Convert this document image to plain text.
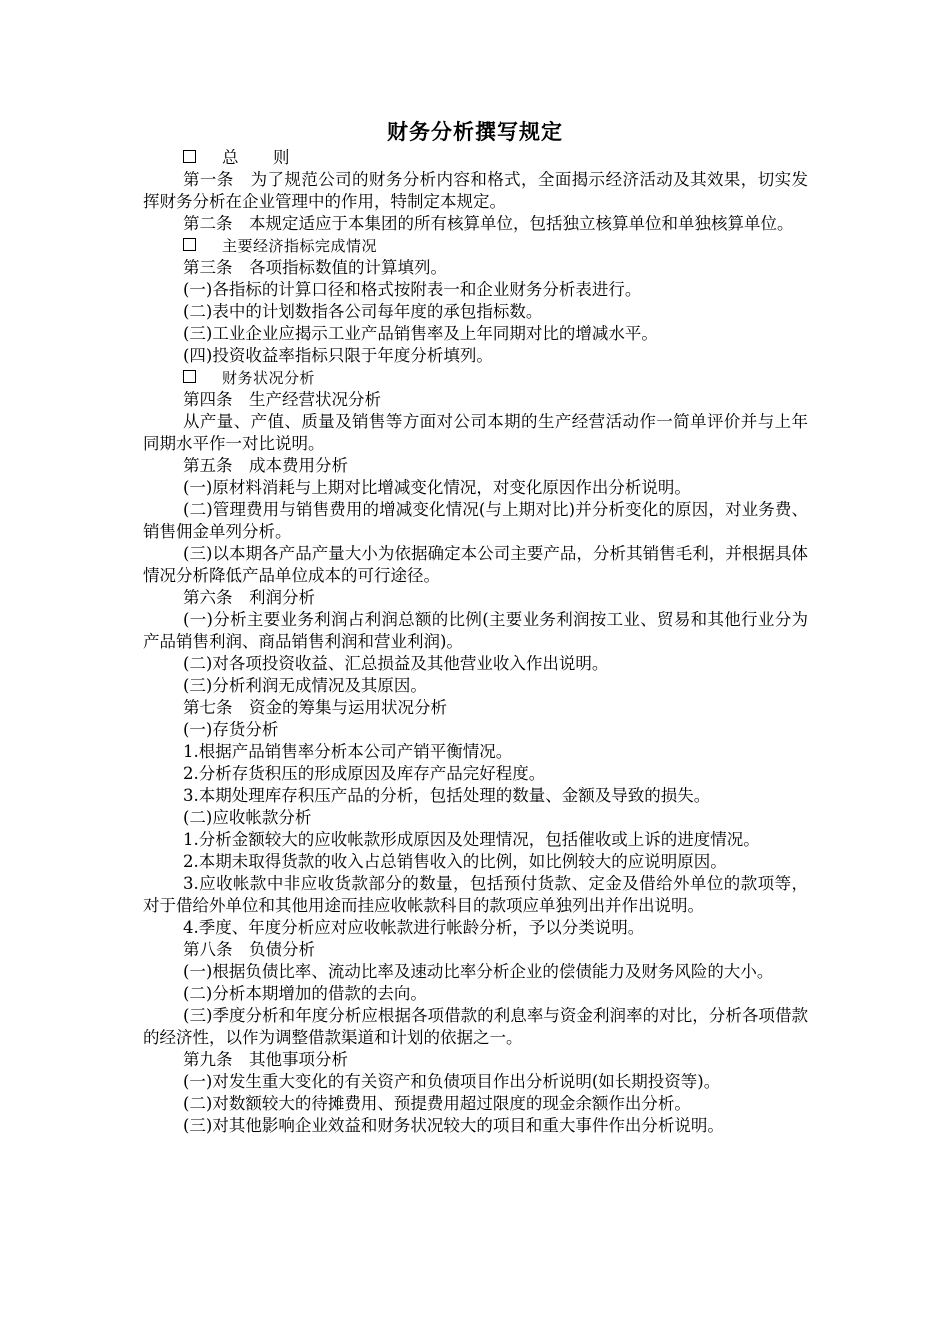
财务分析撰写规定

总　　则

第一条　为了规范公司的财务分析内容和格式，全面揭示经济活动及其效果，切实发挥财务分析在企业管理中的作用，特制定本规定。

第二条　本规定适应于本集团的所有核算单位，包括独立核算单位和单独核算单位。

主要经济指标完成情况

第三条　各项指标数值的计算填列。

(一)各指标的计算口径和格式按附表一和企业财务分析表进行。

(二)表中的计划数指各公司每年度的承包指标数。

(三)工业企业应揭示工业产品销售率及上年同期对比的增减水平。

(四)投资收益率指标只限于年度分析填列。

财务状况分析

第四条　生产经营状况分析

从产量、产值、质量及销售等方面对公司本期的生产经营活动作一简单评价并与上年同期水平作一对比说明。

第五条　成本费用分析

(一)原材料消耗与上期对比增减变化情况，对变化原因作出分析说明。

(二)管理费用与销售费用的增减变化情况(与上期对比)并分析变化的原因，对业务费、销售佣金单列分析。

(三)以本期各产品产量大小为依据确定本公司主要产品，分析其销售毛利，并根据具体情况分析降低产品单位成本的可行途径。

第六条　利润分析

(一)分析主要业务利润占利润总额的比例(主要业务利润按工业、贸易和其他行业分为产品销售利润、商品销售利润和营业利润)。

(二)对各项投资收益、汇总损益及其他营业收入作出说明。

(三)分析利润无成情况及其原因。

第七条　资金的筹集与运用状况分析

(一)存货分析

1.根据产品销售率分析本公司产销平衡情况。

2.分析存货积压的形成原因及库存产品完好程度。

3.本期处理库存积压产品的分析，包括处理的数量、金额及导致的损失。

(二)应收帐款分析

1.分析金额较大的应收帐款形成原因及处理情况，包括催收或上诉的进度情况。

2.本期未取得货款的收入占总销售收入的比例，如比例较大的应说明原因。

3.应收帐款中非应收货款部分的数量，包括预付货款、定金及借给外单位的款项等，对于借给外单位和其他用途而挂应收帐款科目的款项应单独列出并作出说明。

4.季度、年度分析应对应收帐款进行帐龄分析，予以分类说明。

第八条　负债分析

(一)根据负债比率、流动比率及速动比率分析企业的偿债能力及财务风险的大小。

(二)分析本期增加的借款的去向。

(三)季度分析和年度分析应根据各项借款的利息率与资金利润率的对比，分析各项借款的经济性，以作为调整借款渠道和计划的依据之一。

第九条　其他事项分析

(一)对发生重大变化的有关资产和负债项目作出分析说明(如长期投资等)。

(二)对数额较大的待摊费用、预提费用超过限度的现金余额作出分析。

(三)对其他影响企业效益和财务状况较大的项目和重大事件作出分析说明。
